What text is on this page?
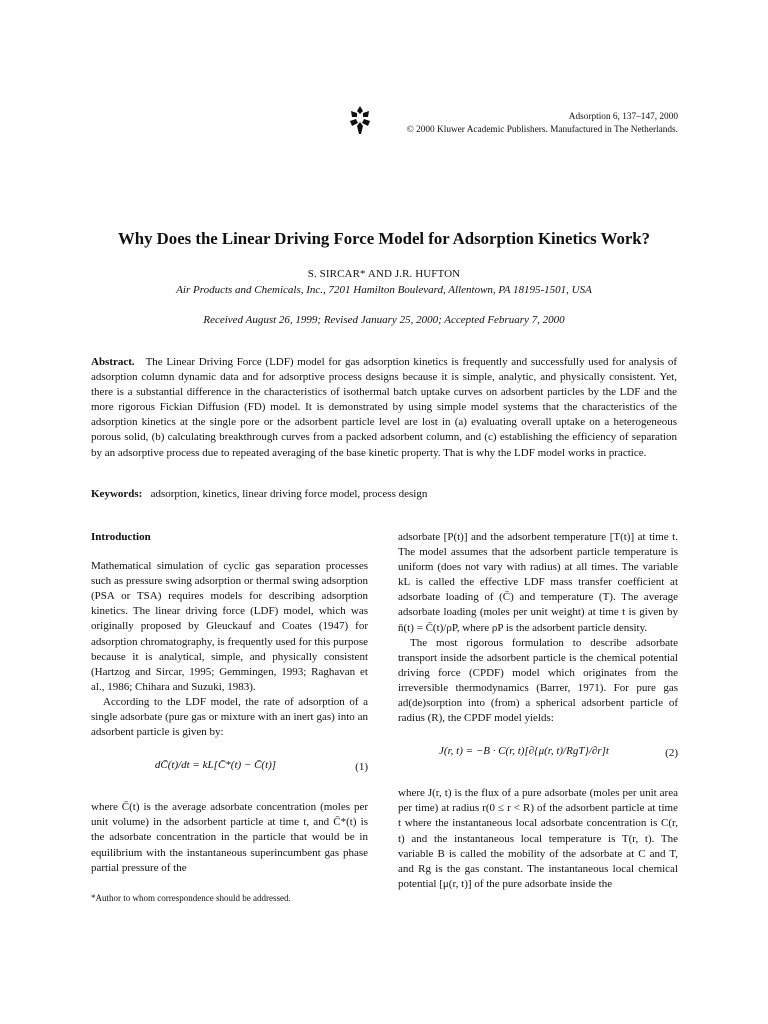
Adsorption 6, 137–147, 2000
© 2000 Kluwer Academic Publishers. Manufactured in The Netherlands.
Why Does the Linear Driving Force Model for Adsorption Kinetics Work?
S. SIRCAR* AND J.R. HUFTON
Air Products and Chemicals, Inc., 7201 Hamilton Boulevard, Allentown, PA 18195-1501, USA
Received August 26, 1999; Revised January 25, 2000; Accepted February 7, 2000
Abstract. The Linear Driving Force (LDF) model for gas adsorption kinetics is frequently and successfully used for analysis of adsorption column dynamic data and for adsorptive process designs because it is simple, analytic, and physically consistent. Yet, there is a substantial difference in the characteristics of isothermal batch uptake curves on adsorbent particles by the LDF and the more rigorous Fickian Diffusion (FD) model. It is demonstrated by using simple model systems that the characteristics of the adsorption kinetics at the single pore or the adsorbent particle level are lost in (a) evaluating overall uptake on a heterogeneous porous solid, (b) calculating breakthrough curves from a packed adsorbent column, and (c) establishing the efficiency of separation by an adsorptive process due to repeated averaging of the base kinetic property. That is why the LDF model works in practice.
Keywords: adsorption, kinetics, linear driving force model, process design
Introduction

Mathematical simulation of cyclic gas separation processes such as pressure swing adsorption or thermal swing adsorption (PSA or TSA) requires models for describing adsorption kinetics. The linear driving force (LDF) model, which was originally proposed by Gleuckauf and Coates (1947) for adsorption chromatography, is frequently used for this purpose because it is analytical, simple, and physically consistent (Hartzog and Sircar, 1995; Gemmingen, 1993; Raghavan et al., 1986; Chihara and Suzuki, 1983).

According to the LDF model, the rate of adsorption of a single adsorbate (pure gas or mixture with an inert gas) into an adsorbent particle is given by:

dC̄(t)/dt = kL[C̄*(t) − C̄(t)]	(1)

where C̄(t) is the average adsorbate concentration (moles per unit volume) in the adsorbent particle at time t, and C̄*(t) is the adsorbate concentration in the particle that would be in equilibrium with the instantaneous superincumbent gas phase partial pressure of the

adsorbate [P(t)] and the adsorbent temperature [T(t)] at time t. The model assumes that the adsorbent particle temperature is uniform (does not vary with radius) at all times. The variable kL is called the effective LDF mass transfer coefficient at adsorbate loading of (C̄) and temperature (T). The average adsorbate loading (moles per unit weight) at time t is given by n̄(t) = C̄(t)/ρP, where ρP is the adsorbent particle density.

The most rigorous formulation to describe adsorbate transport inside the adsorbent particle is the chemical potential driving force (CPDF) model which originates from the irreversible thermodynamics (Barrer, 1971). For pure gas ad(de)sorption into (from) a spherical adsorbent particle of radius (R), the CPDF model yields:

J(r, t) = −B · C(r, t)[∂{μ(r, t)/RgT}/∂r]t	(2)

where J(r, t) is the flux of a pure adsorbate (moles per unit area per time) at radius r(0 ≤ r < R) of the adsorbent particle at time t where the instantaneous local adsorbate concentration is C(r, t) and the instantaneous local temperature is T(r, t). The variable B is called the mobility of the adsorbate at C and T, and Rg is the gas constant. The instantaneous local chemical potential [μ(r, t)] of the pure adsorbate inside the

*Author to whom correspondence should be addressed.
